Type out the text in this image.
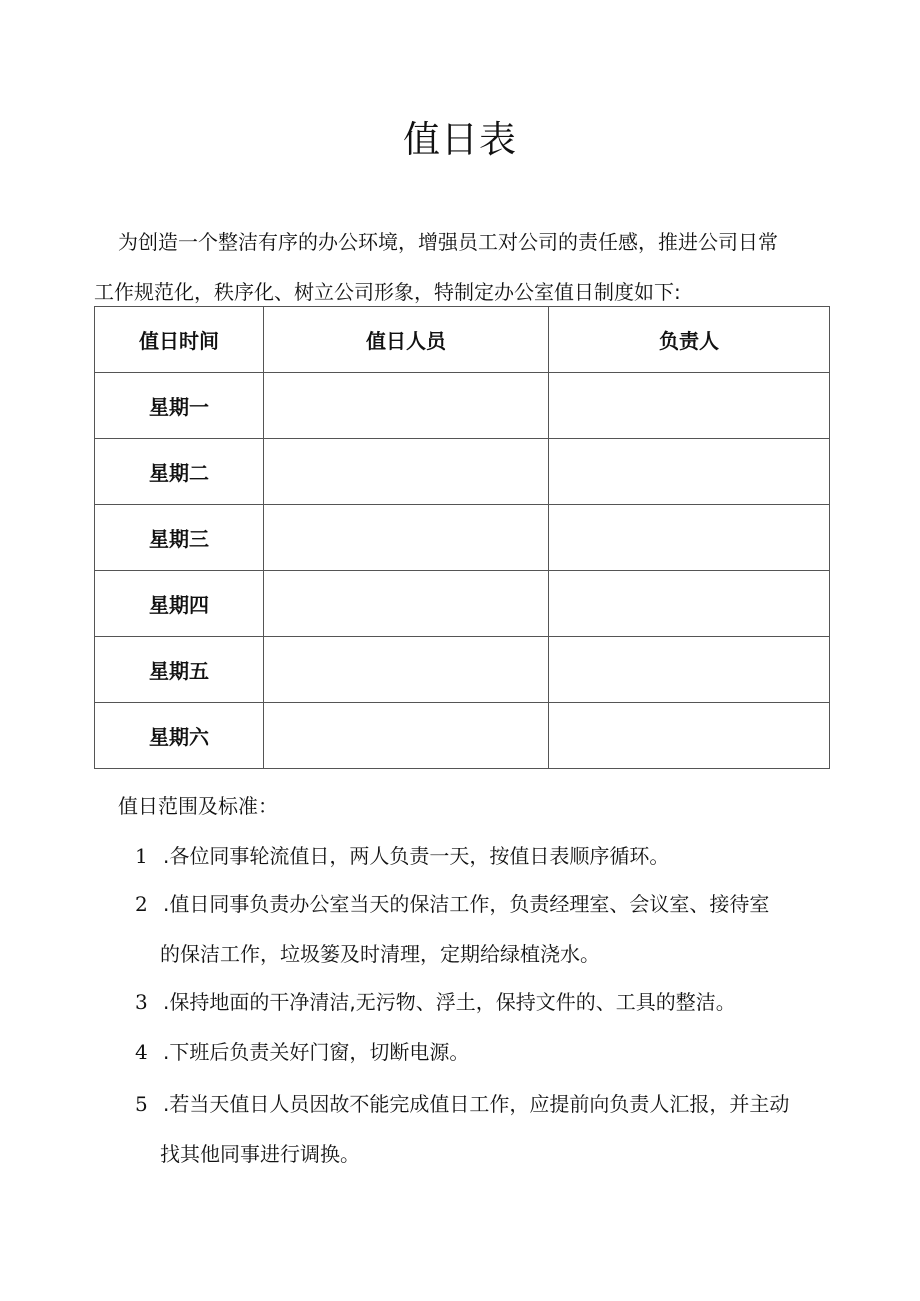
值日表
为创造一个整洁有序的办公环境，增强员工对公司的责任感，推进公司日常
工作规范化，秩序化、树立公司形象，特制定办公室值日制度如下:
值日时间	值日人员	负责人
星期一		
星期二		
星期三		
星期四		
星期五		
星期六		
值日范围及标准：
1 .各位同事轮流值日，两人负责一天，按值日表顺序循环。
2 .值日同事负责办公室当天的保洁工作，负责经理室、会议室、接待室
的保洁工作，垃圾篓及时清理，定期给绿植浇水。
3 .保持地面的干净清洁,无污物、浮土，保持文件的、工具的整洁。
4 .下班后负责关好门窗，切断电源。
5 .若当天值日人员因故不能完成值日工作，应提前向负责人汇报，并主动
找其他同事进行调换。
